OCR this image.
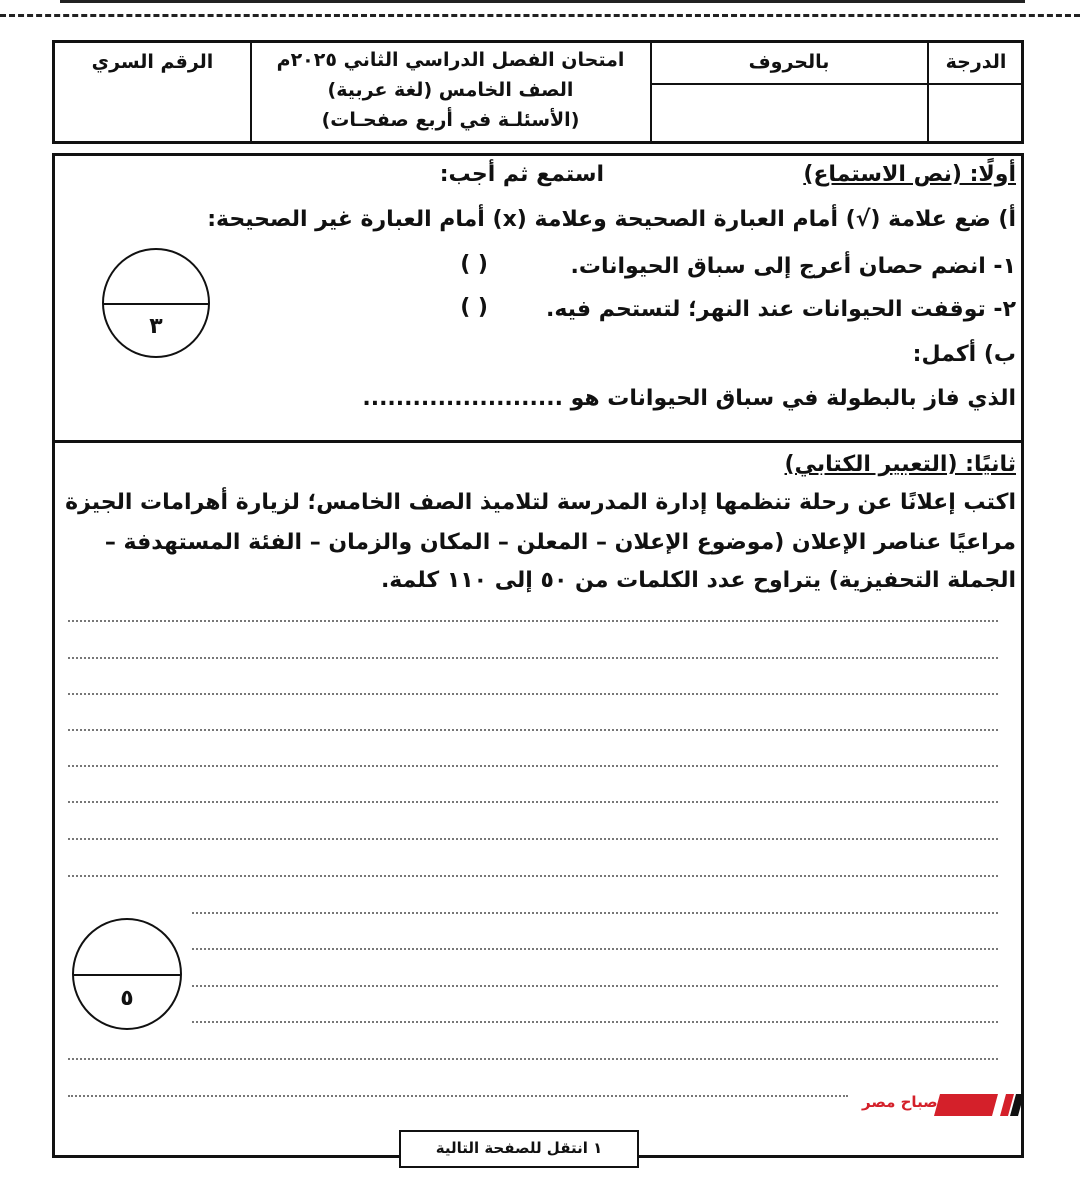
الدرجة
بالحروف
امتحان الفصل الدراسي الثاني ٢٠٢٥م
الصف الخامس (لغة عربية)
(الأسئلـة في أربع صفحـات)
الرقم السري
أولًا: (نص الاستماع)
استمع ثم أجب:
أ) ضع علامة (√) أمام العبارة الصحيحة وعلامة (x) أمام العبارة غير الصحيحة:
١- انضم حصان أعرج إلى سباق الحيوانات.
( )
٢- توقفت الحيوانات عند النهر؛ لتستحم فيه.
( )
ب) أكمل:
الذي فاز بالبطولة في سباق الحيوانات هو ........................
٣
ثانيًا: (التعبير الكتابي)
اكتب إعلانًا عن رحلة تنظمها إدارة المدرسة لتلاميذ الصف الخامس؛ لزيارة أهرامات الجيزة
مراعيًا عناصر الإعلان (موضوع الإعلان – المعلن – المكان والزمان – الفئة المستهدفة –
الجملة التحفيزية) يتراوح عدد الكلمات من ٥٠ إلى ١١٠ كلمة.
٥
صباح مصر
١ انتقل للصفحة التالية
